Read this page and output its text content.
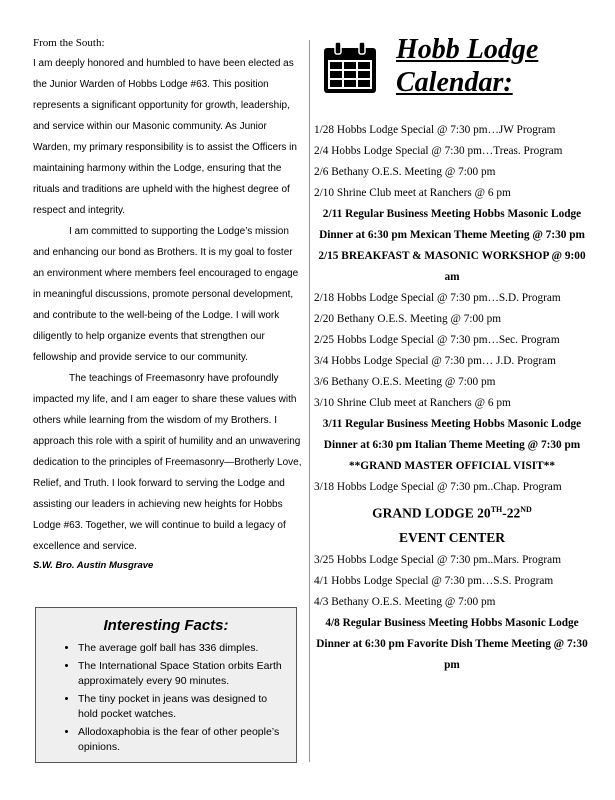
From the South:

I am deeply honored and humbled to have been elected as the Junior Warden of Hobbs Lodge #63. This position represents a significant opportunity for growth, leadership, and service within our Masonic community. As Junior Warden, my primary responsibility is to assist the Officers in maintaining harmony within the Lodge, ensuring that the rituals and traditions are upheld with the highest degree of respect and integrity.

I am committed to supporting the Lodge’s mission and enhancing our bond as Brothers. It is my goal to foster an environment where members feel encouraged to engage in meaningful discussions, promote personal development, and contribute to the well-being of the Lodge. I will work diligently to help organize events that strengthen our fellowship and provide service to our community.

The teachings of Freemasonry have profoundly impacted my life, and I am eager to share these values with others while learning from the wisdom of my Brothers. I approach this role with a spirit of humility and an unwavering dedication to the principles of Freemasonry—Brotherly Love, Relief, and Truth. I look forward to serving the Lodge and assisting our leaders in achieving new heights for Hobbs Lodge #63. Together, we will continue to build a legacy of excellence and service.

S.W. Bro. Austin Musgrave

Interesting Facts:
• The average golf ball has 336 dimples.
• The International Space Station orbits Earth approximately every 90 minutes.
• The tiny pocket in jeans was designed to hold pocket watches.
• Allodoxaphobia is the fear of other people’s opinions.
Hobb Lodge
Calendar:
1/28 Hobbs Lodge Special @ 7:30 pm…JW Program
2/4 Hobbs Lodge Special @ 7:30 pm…Treas. Program
2/6 Bethany O.E.S. Meeting @ 7:00 pm
2/10 Shrine Club meet at Ranchers @ 6 pm
2/11 Regular Business Meeting Hobbs Masonic Lodge Dinner at 6:30 pm Mexican Theme Meeting @ 7:30 pm
2/15 BREAKFAST & MASONIC WORKSHOP @ 9:00 am
2/18 Hobbs Lodge Special @ 7:30 pm…S.D. Program
2/20 Bethany O.E.S. Meeting @ 7:00 pm
2/25 Hobbs Lodge Special @ 7:30 pm…Sec. Program
3/4 Hobbs Lodge Special @ 7:30 pm… J.D. Program
3/6 Bethany O.E.S. Meeting @ 7:00 pm
3/10 Shrine Club meet at Ranchers @ 6 pm
3/11 Regular Business Meeting Hobbs Masonic Lodge Dinner at 6:30 pm Italian Theme Meeting @ 7:30 pm
**GRAND MASTER OFFICIAL VISIT**
3/18 Hobbs Lodge Special @ 7:30 pm..Chap. Program
GRAND LODGE 20TH-22ND
EVENT CENTER
3/25 Hobbs Lodge Special @ 7:30 pm..Mars. Program
4/1 Hobbs Lodge Special @ 7:30 pm…S.S. Program
4/3 Bethany O.E.S. Meeting @ 7:00 pm
4/8 Regular Business Meeting Hobbs Masonic Lodge Dinner at 6:30 pm Favorite Dish Theme Meeting @ 7:30 pm
